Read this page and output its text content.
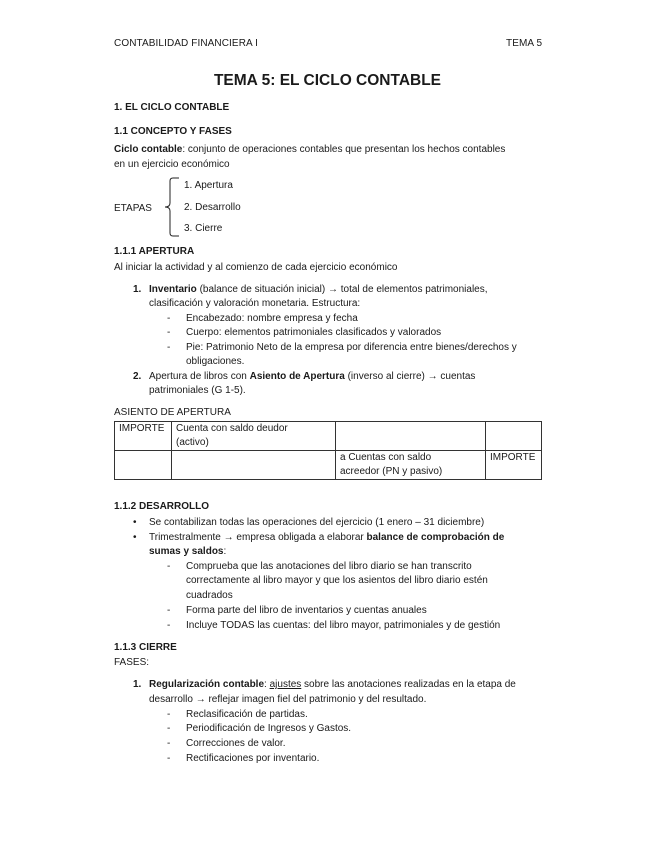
CONTABILIDAD FINANCIERA I	TEMA 5
TEMA 5: EL CICLO CONTABLE
1. EL CICLO CONTABLE
1.1 CONCEPTO Y FASES
Ciclo contable: conjunto de operaciones contables que presentan los hechos contables
en un ejercicio económico
ETAPAS
1. Apertura
2. Desarrollo
3. Cierre
1.1.1 APERTURA
Al iniciar la actividad y al comienzo de cada ejercicio económico
1. Inventario (balance de situación inicial) → total de elementos patrimoniales,
clasificación y valoración monetaria. Estructura:
- Encabezado: nombre empresa y fecha
- Cuerpo: elementos patrimoniales clasificados y valorados
- Pie: Patrimonio Neto de la empresa por diferencia entre bienes/derechos y
obligaciones.
2. Apertura de libros con Asiento de Apertura (inverso al cierre) → cuentas
patrimoniales (G 1-5).
ASIENTO DE APERTURA
IMPORTE	Cuenta con saldo deudor
(activo)		
		a Cuentas con saldo
acreedor (PN y pasivo)	IMPORTE
1.1.2 DESARROLLO
• Se contabilizan todas las operaciones del ejercicio (1 enero – 31 diciembre)
• Trimestralmente → empresa obligada a elaborar balance de comprobación de
sumas y saldos:
- Comprueba que las anotaciones del libro diario se han transcrito
correctamente al libro mayor y que los asientos del libro diario estén
cuadrados
- Forma parte del libro de inventarios y cuentas anuales
- Incluye TODAS las cuentas: del libro mayor, patrimoniales y de gestión
1.1.3 CIERRE
FASES:
1. Regularización contable: ajustes sobre las anotaciones realizadas en la etapa de
desarrollo → reflejar imagen fiel del patrimonio y del resultado.
- Reclasificación de partidas.
- Periodificación de Ingresos y Gastos.
- Correcciones de valor.
- Rectificaciones por inventario.
